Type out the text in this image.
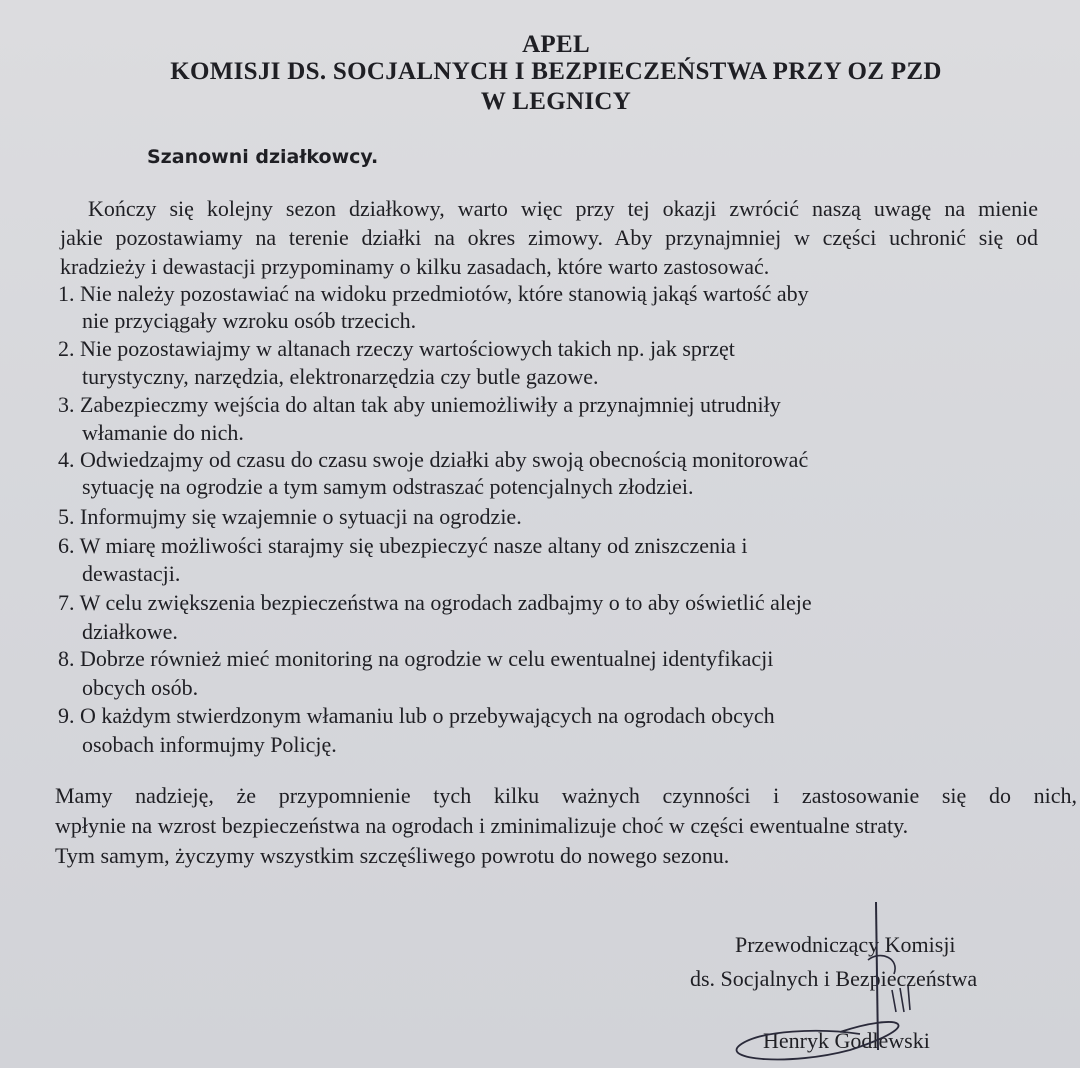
APEL
KOMISJI DS. SOCJALNYCH I BEZPIECZEŃSTWA PRZY OZ PZD
W LEGNICY
Szanowni działkowcy.
Kończy się kolejny sezon działkowy, warto więc przy tej okazji zwrócić naszą uwagę na mienie
jakie pozostawiamy na terenie działki na okres zimowy. Aby przynajmniej w części uchronić się od
kradzieży i dewastacji przypominamy o kilku zasadach, które warto zastosować.
1. Nie należy pozostawiać na widoku przedmiotów, które stanowią jakąś wartość aby
nie przyciągały wzroku osób trzecich.
2. Nie pozostawiajmy w altanach rzeczy wartościowych takich np. jak sprzęt
turystyczny, narzędzia, elektronarzędzia czy butle gazowe.
3. Zabezpieczmy wejścia do altan tak aby uniemożliwiły a przynajmniej utrudniły
włamanie do nich.
4. Odwiedzajmy od czasu do czasu swoje działki aby swoją obecnością monitorować
sytuację na ogrodzie a tym samym odstraszać potencjalnych złodziei.
5. Informujmy się wzajemnie o sytuacji na ogrodzie.
6. W miarę możliwości starajmy się ubezpieczyć nasze altany od zniszczenia i
dewastacji.
7. W celu zwiększenia bezpieczeństwa na ogrodach zadbajmy o to aby oświetlić aleje
działkowe.
8. Dobrze również mieć monitoring na ogrodzie w celu ewentualnej identyfikacji
obcych osób.
9. O każdym stwierdzonym włamaniu lub o przebywających na ogrodach obcych
osobach informujmy Policję.
Mamy nadzieję, że przypomnienie tych kilku ważnych czynności i zastosowanie się do nich,
wpłynie na wzrost bezpieczeństwa na ogrodach i zminimalizuje choć w części ewentualne straty.
Tym samym, życzymy wszystkim szczęśliwego powrotu do nowego sezonu.
Przewodniczący Komisji
ds. Socjalnych i Bezpieczeństwa
Henryk Godlewski
